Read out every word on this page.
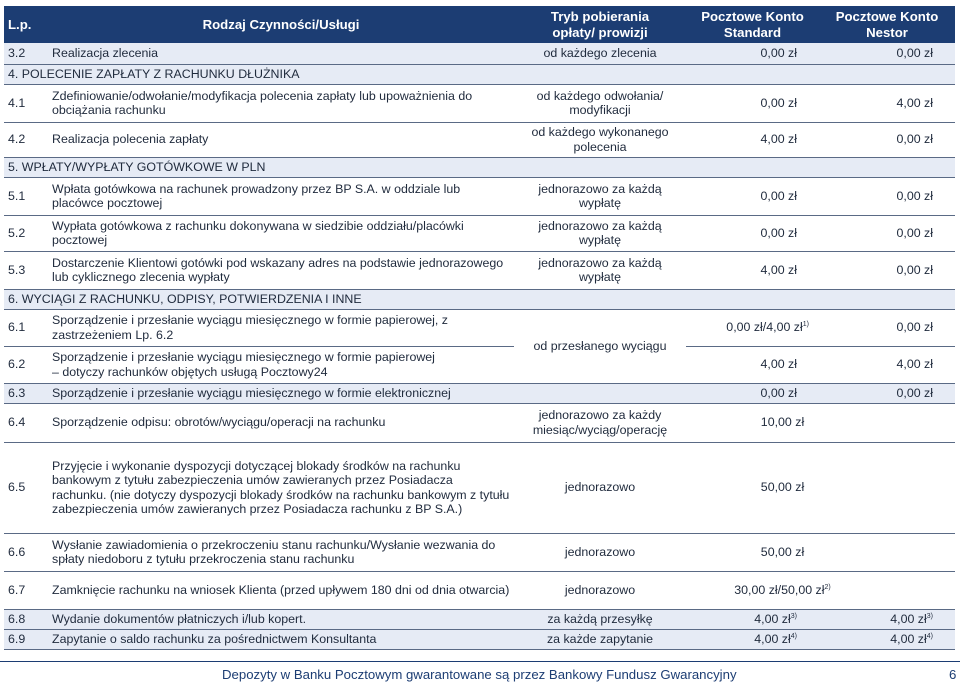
L.p.	Rodzaj Czynności/Usługi	Tryb pobierania opłaty/ prowizji	Pocztowe Konto Standard	Pocztowe Konto Nestor
3.2	Realizacja zlecenia	od każdego zlecenia	0,00 zł	0,00 zł
4. POLECENIE ZAPŁATY Z RACHUNKU DŁUŻNIKA				
4.1	Zdefiniowanie/odwołanie/modyfikacja polecenia zapłaty lub upoważnienia do obciążania rachunku	od każdego odwołania/ modyfikacji	0,00 zł	4,00 zł
4.2	Realizacja polecenia zapłaty	od każdego wykonanego polecenia	4,00 zł	0,00 zł
5. WPŁATY/WYPŁATY GOTÓWKOWE W PLN				
5.1	Wpłata gotówkowa na rachunek prowadzony przez BP S.A. w oddziale lub placówce pocztowej	jednorazowo za każdą wypłatę	0,00 zł	0,00 zł
5.2	Wypłata gotówkowa z rachunku dokonywana w siedzibie oddziału/placówki pocztowej	jednorazowo za każdą wypłatę	0,00 zł	0,00 zł
5.3	Dostarczenie Klientowi gotówki pod wskazany adres na podstawie jednorazowego lub cyklicznego zlecenia wypłaty	jednorazowo za każdą wypłatę	4,00 zł	0,00 zł
6. WYCIĄGI Z RACHUNKU, ODPISY, POTWIERDZENIA I INNE				
6.1	Sporządzenie i przesłanie wyciągu miesięcznego w formie papierowej, z zastrzeżeniem Lp. 6.2	od przesłanego wyciągu	0,00 zł/4,00 $zł^{1)}$	0,00 zł
6.2	Sporządzenie i przesłanie wyciągu miesięcznego w formie papierowej
– dotyczy rachunków objętych usługą Pocztowy24		4,00 zł	4,00 zł
6.3	Sporządzenie i przesłanie wyciągu miesięcznego w formie elektronicznej		0,00 zł	0,00 zł
6.4	Sporządzenie odpisu: obrotów/wyciągu/operacji na rachunku	jednorazowo za każdy miesiąc/wyciąg/operację	10,00 zł	
6.5	Przyjęcie i wykonanie dyspozycji dotyczącej blokady środków na rachunku bankowym z tytułu zabezpieczenia umów zawieranych przez Posiadacza rachunku. (nie dotyczy dyspozycji blokady środków na rachunku bankowym z tytułu zabezpieczenia umów zawieranych przez Posiadacza rachunku z BP S.A.)	jednorazowo	50,00 zł	
6.6	Wysłanie zawiadomienia o przekroczeniu stanu rachunku/Wysłanie wezwania do spłaty niedoboru z tytułu przekroczenia stanu rachunku	jednorazowo	50,00 zł	
6.7	Zamknięcie rachunku na wniosek Klienta (przed upływem 180 dni od dnia otwarcia)	jednorazowo	30,00 zł/50,00 $zł^{2)}$
6.8	Wydanie dokumentów płatniczych i/lub kopert.	za każdą przesyłkę	4,00 $zł^{3)}$	4,00 $zł^{3)}$
6.9	Zapytanie o saldo rachunku za pośrednictwem Konsultanta	za każde zapytanie	4,00 $zł^{4)}$	4,00 $zł^{4)}$
Depozyty w Banku Pocztowym gwarantowane są przez Bankowy Fundusz Gwarancyjny	6
